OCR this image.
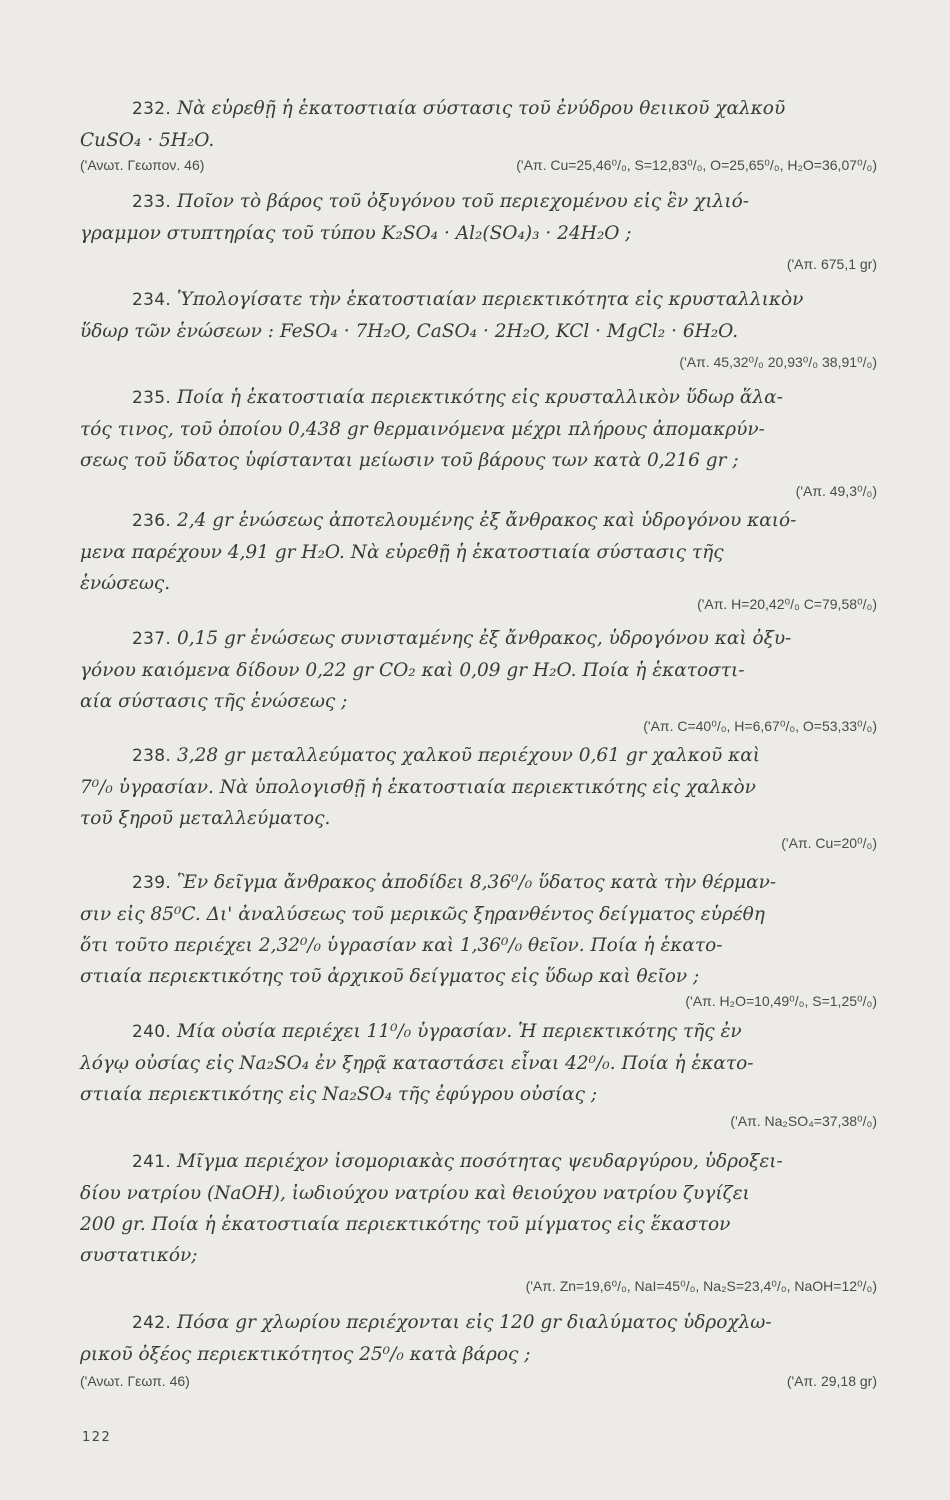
232. Νὰ εὑρεθῇ ἡ ἑκατοστιαία σύστασις τοῦ ἐνύδρου θειικοῦ χαλκοῦ
CuSO₄ · 5H₂O.
('Ανωτ. Γεωπον. 46)	('Απ. Cu=25,46⁰/₀, S=12,83⁰/₀, O=25,65⁰/₀, H₂O=36,07⁰/₀)
233. Ποῖον τὸ βάρος τοῦ ὀξυγόνου τοῦ περιεχομένου εἰς ἓν χιλιό-
γραμμον στυπτηρίας τοῦ τύπου K₂SO₄ · Al₂(SO₄)₃ · 24H₂O ;
('Απ. 675,1 gr)
234. Ὑπολογίσατε τὴν ἑκατοστιαίαν περιεκτικότητα εἰς κρυσταλλικὸν
ὕδωρ τῶν ἑνώσεων : FeSO₄ · 7H₂O, CaSO₄ · 2H₂O, KCl · MgCl₂ · 6H₂O.
('Απ. 45,32⁰/₀ 20,93⁰/₀ 38,91⁰/₀)
235. Ποία ἡ ἑκατοστιαία περιεκτικότης εἰς κρυσταλλικὸν ὕδωρ ἅλα-
τός τινος, τοῦ ὁποίου 0,438 gr θερμαινόμενα μέχρι πλήρους ἀπομακρύν-
σεως τοῦ ὕδατος ὑφίστανται μείωσιν τοῦ βάρους των κατὰ 0,216 gr ;
('Απ. 49,3⁰/₀)
236. 2,4 gr ἑνώσεως ἀποτελουμένης ἐξ ἄνθρακος καὶ ὑδρογόνου καιό-
μενα παρέχουν 4,91 gr H₂O. Νὰ εὑρεθῇ ἡ ἑκατοστιαία σύστασις τῆς
ἑνώσεως.
('Απ. H=20,42⁰/₀ C=79,58⁰/₀)
237. 0,15 gr ἑνώσεως συνισταμένης ἐξ ἄνθρακος, ὑδρογόνου καὶ ὀξυ-
γόνου καιόμενα δίδουν 0,22 gr CO₂ καὶ 0,09 gr H₂O. Ποία ἡ ἑκατοστι-
αία σύστασις τῆς ἑνώσεως ;
('Απ. C=40⁰/₀, H=6,67⁰/₀, O=53,33⁰/₀)
238. 3,28 gr μεταλλεύματος χαλκοῦ περιέχουν 0,61 gr χαλκοῦ καὶ
7⁰/₀ ὑγρασίαν. Νὰ ὑπολογισθῇ ἡ ἑκατοστιαία περιεκτικότης εἰς χαλκὸν
τοῦ ξηροῦ μεταλλεύματος.
('Απ. Cu=20⁰/₀)
239. Ἓν δεῖγμα ἄνθρακος ἀποδίδει 8,36⁰/₀ ὕδατος κατὰ τὴν θέρμαν-
σιν εἰς 85⁰C. Δι' ἀναλύσεως τοῦ μερικῶς ξηρανθέντος δείγματος εὑρέθη
ὅτι τοῦτο περιέχει 2,32⁰/₀ ὑγρασίαν καὶ 1,36⁰/₀ θεῖον. Ποία ἡ ἑκατο-
στιαία περιεκτικότης τοῦ ἀρχικοῦ δείγματος εἰς ὕδωρ καὶ θεῖον ;
('Απ. H₂O=10,49⁰/₀, S=1,25⁰/₀)
240. Μία οὐσία περιέχει 11⁰/₀ ὑγρασίαν. Ἡ περιεκτικότης τῆς ἐν
λόγῳ οὐσίας εἰς Na₂SO₄ ἐν ξηρᾷ καταστάσει εἶναι 42⁰/₀. Ποία ἡ ἑκατο-
στιαία περιεκτικότης εἰς Na₂SO₄ τῆς ἐφύγρου οὐσίας ;
('Απ. Na₂SO₄=37,38⁰/₀)
241. Μῖγμα περιέχον ἰσομοριακὰς ποσότητας ψευδαργύρου, ὑδροξει-
δίου νατρίου (NaOH), ἰωδιούχου νατρίου καὶ θειούχου νατρίου ζυγίζει
200 gr. Ποία ἡ ἑκατοστιαία περιεκτικότης τοῦ μίγματος εἰς ἕκαστον
συστατικόν;
('Απ. Zn=19,6⁰/₀, NaI=45⁰/₀, Na₂S=23,4⁰/₀, NaOH=12⁰/₀)
242. Πόσα gr χλωρίου περιέχονται εἰς 120 gr διαλύματος ὑδροχλω-
ρικοῦ ὀξέος περιεκτικότητος 25⁰/₀ κατὰ βάρος ;
('Ανωτ. Γεωπ. 46)	('Απ. 29,18 gr)
122
